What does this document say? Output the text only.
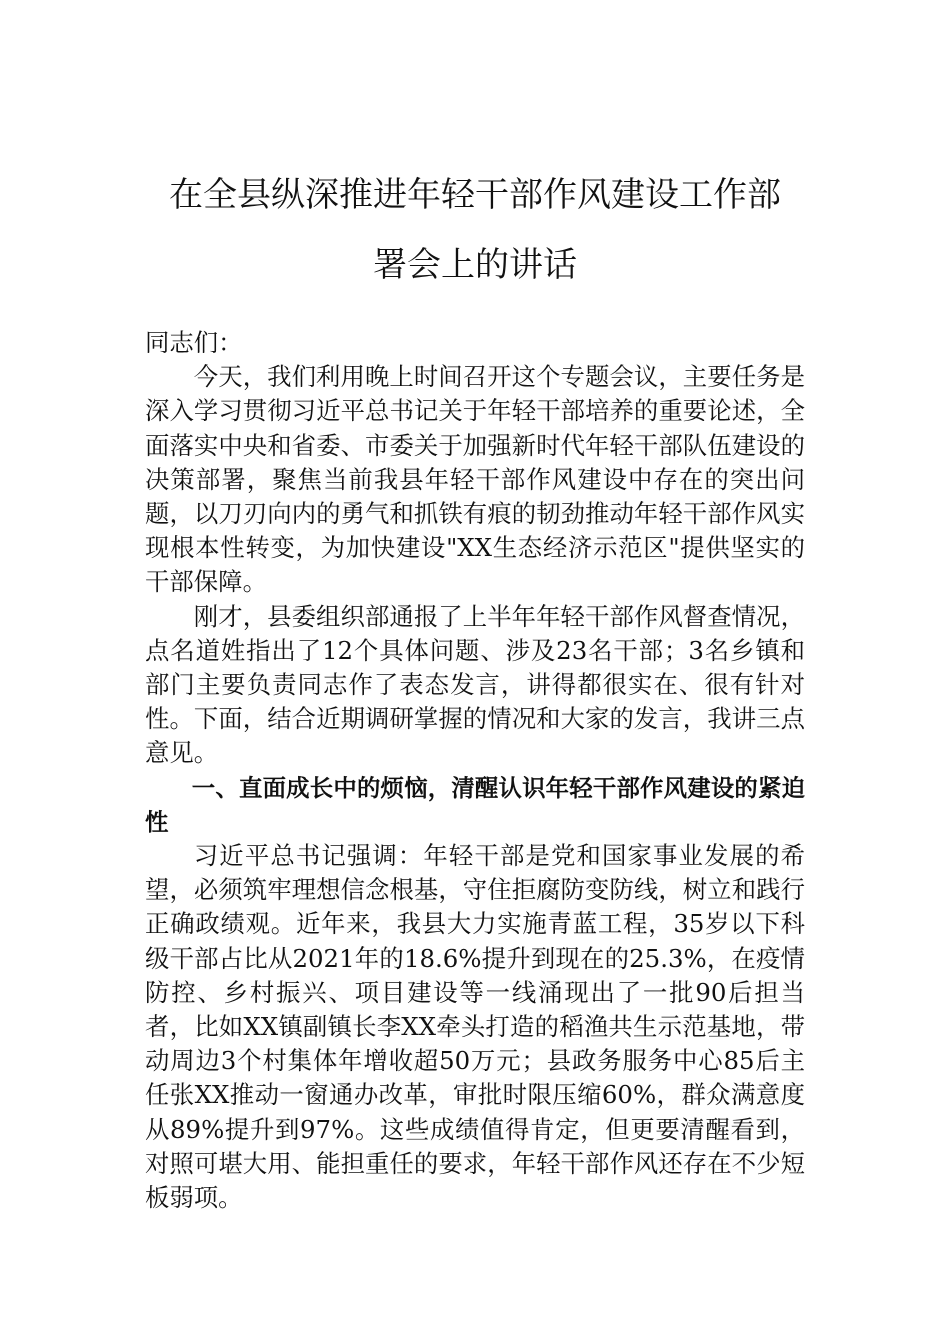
在全县纵深推进年轻干部作风建设工作部
署会上的讲话

同志们：

今天，我们利用晚上时间召开这个专题会议，主要任务是深入学习贯彻习近平总书记关于年轻干部培养的重要论述，全面落实中央和省委、市委关于加强新时代年轻干部队伍建设的决策部署，聚焦当前我县年轻干部作风建设中存在的突出问题，以刀刃向内的勇气和抓铁有痕的韧劲推动年轻干部作风实现根本性转变，为加快建设"XX生态经济示范区"提供坚实的干部保障。

刚才，县委组织部通报了上半年年轻干部作风督查情况，点名道姓指出了12个具体问题、涉及23名干部；3名乡镇和部门主要负责同志作了表态发言，讲得都很实在、很有针对性。下面，结合近期调研掌握的情况和大家的发言，我讲三点意见。

一、直面成长中的烦恼，清醒认识年轻干部作风建设的紧迫性

习近平总书记强调：年轻干部是党和国家事业发展的希望，必须筑牢理想信念根基，守住拒腐防变防线，树立和践行正确政绩观。近年来，我县大力实施青蓝工程，35岁以下科级干部占比从2021年的18.6%提升到现在的25.3%，在疫情防控、乡村振兴、项目建设等一线涌现出了一批90后担当者，比如XX镇副镇长李XX牵头打造的稻渔共生示范基地，带动周边3个村集体年增收超50万元；县政务服务中心85后主任张XX推动一窗通办改革，审批时限压缩60%，群众满意度从89%提升到97%。这些成绩值得肯定，但更要清醒看到，对照可堪大用、能担重任的要求，年轻干部作风还存在不少短板弱项。
